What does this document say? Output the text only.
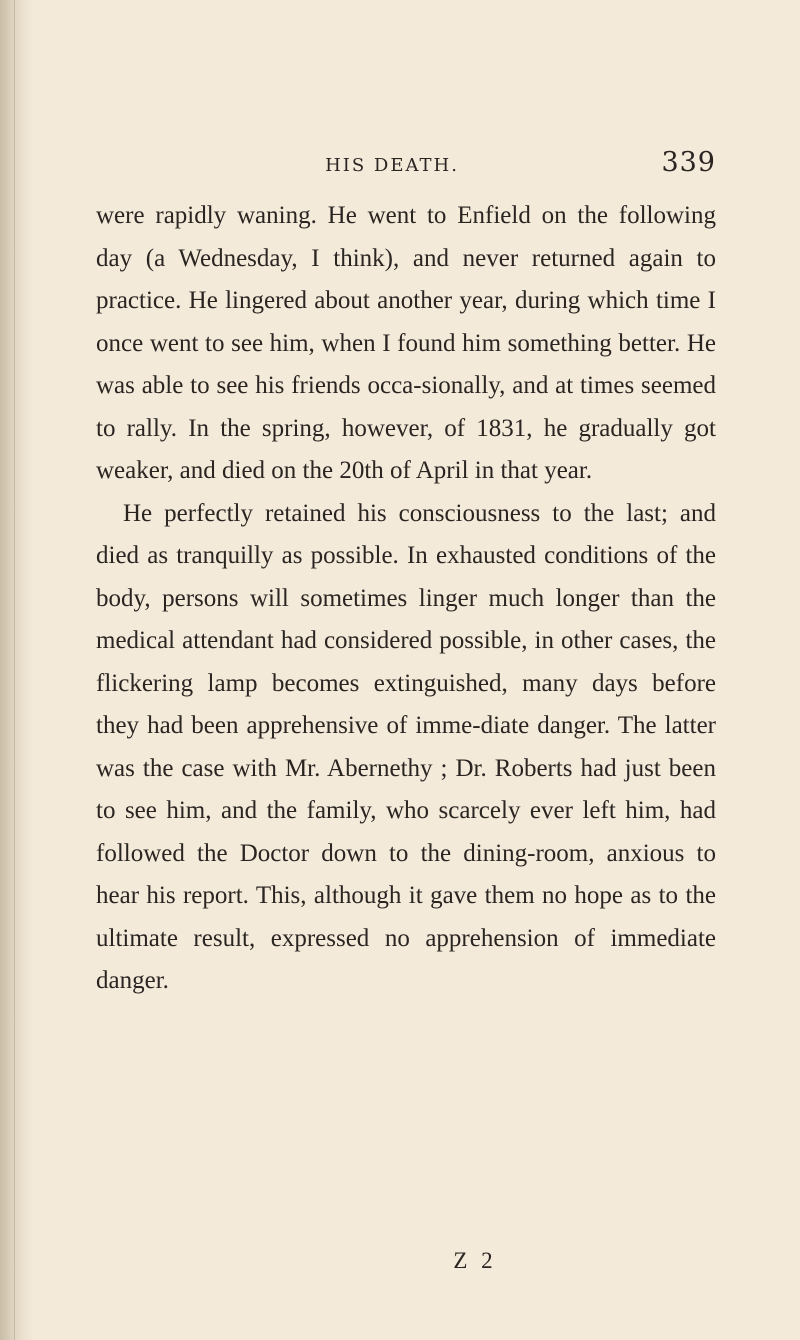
HIS DEATH.	339

were rapidly waning. He went to Enfield on the following day (a Wednesday, I think), and never returned again to practice. He lingered about another year, during which time I once went to see him, when I found him something better. He was able to see his friends occa-sionally, and at times seemed to rally. In the spring, however, of 1831, he gradually got weaker, and died on the 20th of April in that year.

He perfectly retained his consciousness to the last; and died as tranquilly as possible. In exhausted conditions of the body, persons will sometimes linger much longer than the medical attendant had considered possible, in other cases, the flickering lamp becomes extinguished, many days before they had been apprehensive of imme-diate danger. The latter was the case with Mr. Abernethy ; Dr. Roberts had just been to see him, and the family, who scarcely ever left him, had followed the Doctor down to the dining-room, anxious to hear his report. This, although it gave them no hope as to the ultimate result, expressed no apprehension of immediate danger.

Z 2
